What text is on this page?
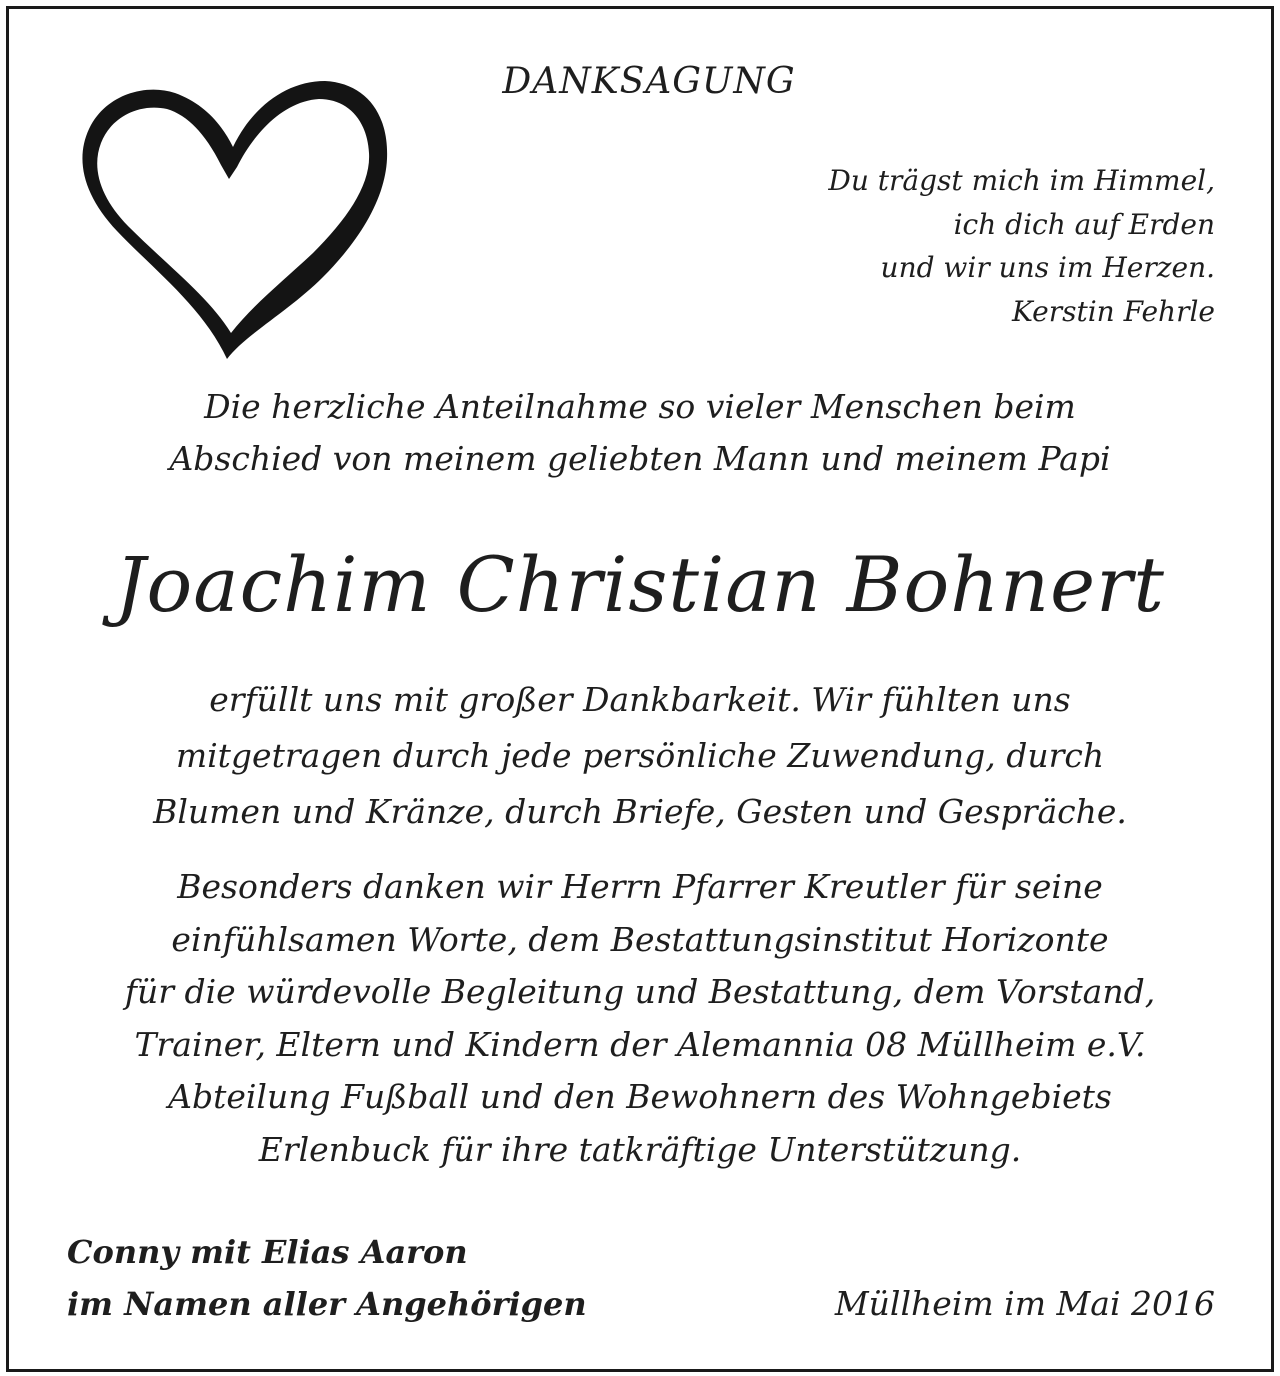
DANKSAGUNG
Du trägst mich im Himmel,
ich dich auf Erden
und wir uns im Herzen.
Kerstin Fehrle
Die herzliche Anteilnahme so vieler Menschen beim
Abschied von meinem geliebten Mann und meinem Papi
Joachim Christian Bohnert
erfüllt uns mit großer Dankbarkeit. Wir fühlten uns
mitgetragen durch jede persönliche Zuwendung, durch
Blumen und Kränze, durch Briefe, Gesten und Gespräche.
Besonders danken wir Herrn Pfarrer Kreutler für seine
einfühlsamen Worte, dem Bestattungsinstitut Horizonte
für die würdevolle Begleitung und Bestattung, dem Vorstand,
Trainer, Eltern und Kindern der Alemannia 08 Müllheim e.V.
Abteilung Fußball und den Bewohnern des Wohngebiets
Erlenbuck für ihre tatkräftige Unterstützung.
Conny mit Elias Aaron
im Namen aller Angehörigen	Müllheim im Mai 2016
